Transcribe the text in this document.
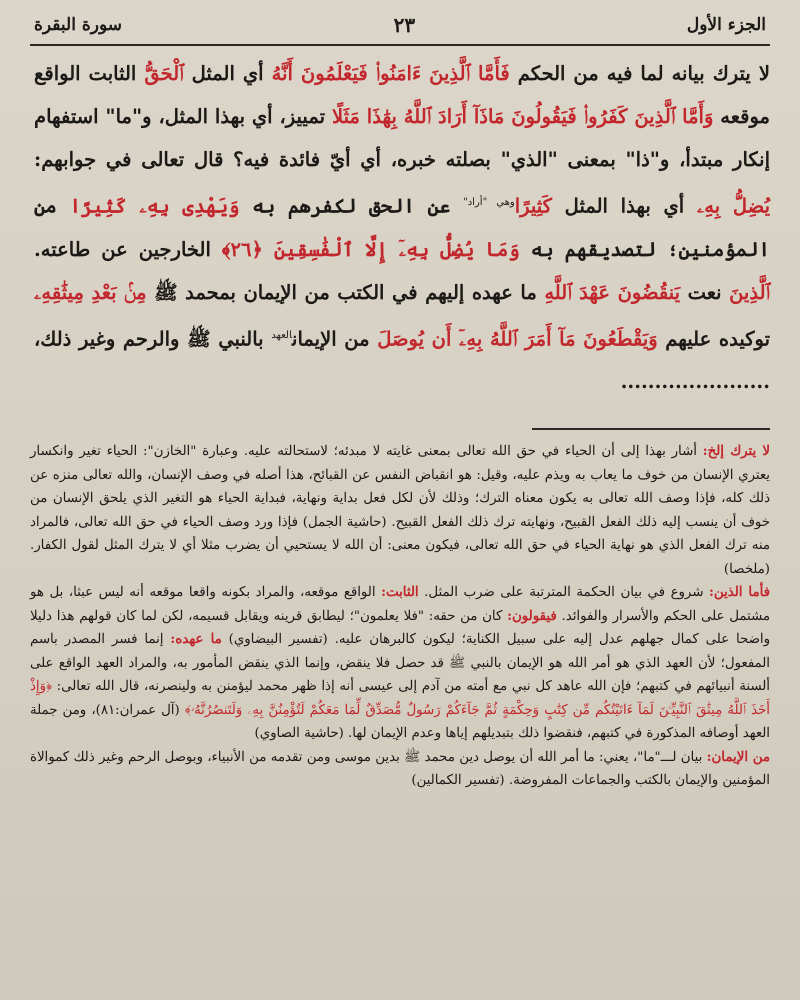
سورة البقرة	٢٣	الجزء الأول

لا يترك بيانه لما فيه من الحكم فَأَمَّا ٱلَّذِينَ ءَامَنُوا۟ فَيَعْلَمُونَ أَنَّهُ أي المثل ٱلْحَقُّ الثابت الواقع موقعه وَأَمَّا ٱلَّذِينَ كَفَرُوا۟ فَيَقُولُونَ مَاذَآ أَرَادَ ٱللَّهُ بِهَٰذَا مَثَلًا تمييز، أي بهذا المثل، و"ما" استفهام إنكار مبتدأ، و"ذا" بمعنى "الذي" بصلته خبره، أي أيّ فائدة فيه؟ قال تعالى في جوابهم: يُضِلُّ بِهِۦ أي بهذا المثل كَثِيرًا$^{وهي "أراد"}$ عن الحق لكفرهم به وَيَهْدِى بِهِۦ كَثِيرًا من المؤمنين؛ لتصديقهم به وَمَا يُضِلُّ بِهِۦٓ إِلَّا ٱلْفَٰسِقِينَ ﴿٢٦﴾ الخارجين عن طاعته. ٱلَّذِينَ نعت يَنقُضُونَ عَهْدَ ٱللَّهِ ما عهده إليهم في الكتب من الإيمان بمحمد ﷺ مِنۢ بَعْدِ مِيثَٰقِهِۦ توكيده عليهم وَيَقْطَعُونَ مَآ أَمَرَ ٱللَّهُ بِهِۦٓ أَن يُوصَلَ من الإيمان$^{العهد}$ بالنبي ﷺ والرحم وغير ذلك، ......................

لا يترك إلخ: أشار بهذا إلى أن الحياء في حق الله تعالى بمعنى غايته لا مبدئه؛ لاستحالته عليه. وعبارة "الخازن": الحياء تغير وانكسار يعتري الإنسان من خوف ما يعاب به ويذم عليه، وقيل: هو انقباض النفس عن القبائح، هذا أصله في وصف الإنسان، والله تعالى منزه عن ذلك كله، فإذا وصف الله تعالى به يكون معناه الترك؛ وذلك لأن لكل فعل بداية ونهاية، فبداية الحياء هو التغير الذي يلحق الإنسان من خوف أن ينسب إليه ذلك الفعل القبيح، ونهايته ترك ذلك الفعل القبيح. (حاشية الجمل) فإذا ورد وصف الحياء في حق الله تعالى، فالمراد منه ترك الفعل الذي هو نهاية الحياء في حق الله تعالى، فيكون معنى: أن الله لا يستحيي أن يضرب مثلا أي لا يترك المثل لقول الكفار. (ملخصا)

فأما الذين: شروع في بيان الحكمة المترتبة على ضرب المثل. الثابت: الواقع موقعه، والمراد بكونه واقعا موقعه أنه ليس عبثا، بل هو مشتمل على الحكم والأسرار والفوائد. فيقولون: كان من حقه: "فلا يعلمون"؛ ليطابق قرينه ويقابل قسيمه، لكن لما كان قولهم هذا دليلا واضحا على كمال جهلهم عدل إليه على سبيل الكناية؛ ليكون كالبرهان عليه. (تفسير البيضاوي) ما عهده: إنما فسر المصدر باسم المفعول؛ لأن العهد الذي هو أمر الله هو الإيمان بالنبي ﷺ قد حصل فلا ينقض، وإنما الذي ينقض المأمور به، والمراد العهد الواقع على ألسنة أنبيائهم في كتبهم؛ فإن الله عاهد كل نبي مع أمته من آدم إلى عيسى أنه إذا ظهر محمد ليؤمنن به ولينصرنه، قال الله تعالى: ﴿وَإِذْ أَخَذَ ٱللَّهُ مِيثَٰقَ ٱلنَّبِيِّـۧنَ لَمَآ ءَاتَيْتُكُم مِّن كِتَٰبٍ وَحِكْمَةٍ ثُمَّ جَآءَكُمْ رَسُولٌ مُّصَدِّقٌ لِّمَا مَعَكُمْ لَتُؤْمِنُنَّ بِهِۦ وَلَتَنصُرُنَّهُۥ﴾ (آل عمران:٨١)، ومن جملة العهد أوصافه المذكورة في كتبهم، فنقضوا ذلك بتبديلهم إياها وعدم الإيمان لها. (حاشية الصاوي)

من الإيمان: بيان لـــ"ما"، يعني: ما أمر الله أن يوصل دين محمد ﷺ بدين موسى ومن تقدمه من الأنبياء، وبوصل الرحم وغير ذلك كموالاة المؤمنين والإيمان بالكتب والجماعات المفروضة. (تفسير الكمالين)
